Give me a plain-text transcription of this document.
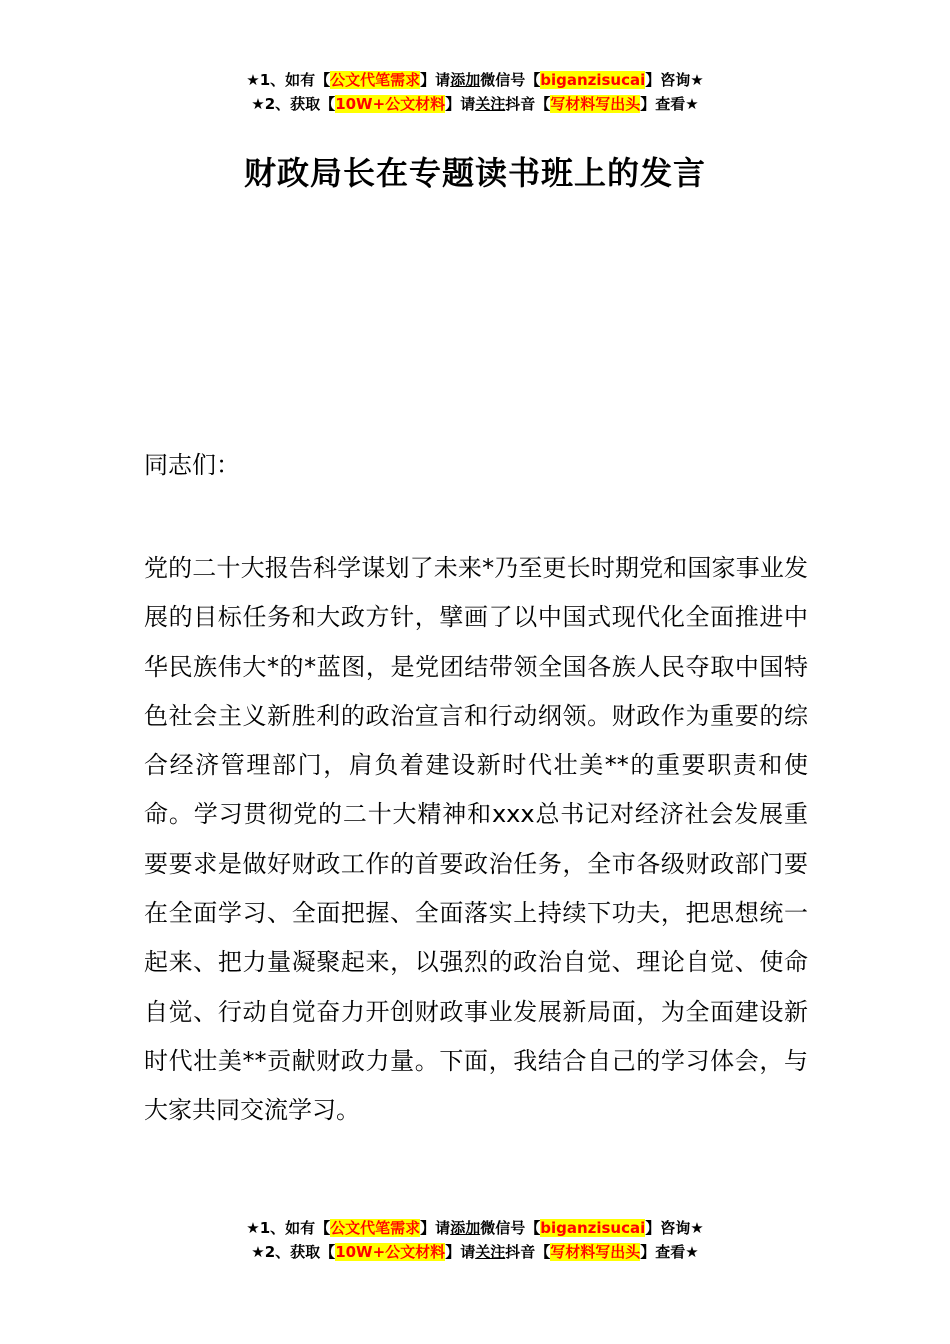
★1、如有【公文代笔需求】请添加微信号【biganzisucai】咨询★
★2、获取【10W+公文材料】请关注抖音【写材料写出头】查看★
财政局长在专题读书班上的发言
同志们：
党的二十大报告科学谋划了未来*乃至更长时期党和国家事业发展的目标任务和大政方针，擘画了以中国式现代化全面推进中华民族伟大*的*蓝图，是党团结带领全国各族人民夺取中国特色社会主义新胜利的政治宣言和行动纲领。财政作为重要的综合经济管理部门，肩负着建设新时代壮美**的重要职责和使命。学习贯彻党的二十大精神和xxx总书记对经济社会发展重要要求是做好财政工作的首要政治任务，全市各级财政部门要在全面学习、全面把握、全面落实上持续下功夫，把思想统一起来、把力量凝聚起来，以强烈的政治自觉、理论自觉、使命自觉、行动自觉奋力开创财政事业发展新局面，为全面建设新时代壮美**贡献财政力量。下面，我结合自己的学习体会，与大家共同交流学习。
★1、如有【公文代笔需求】请添加微信号【biganzisucai】咨询★
★2、获取【10W+公文材料】请关注抖音【写材料写出头】查看★
